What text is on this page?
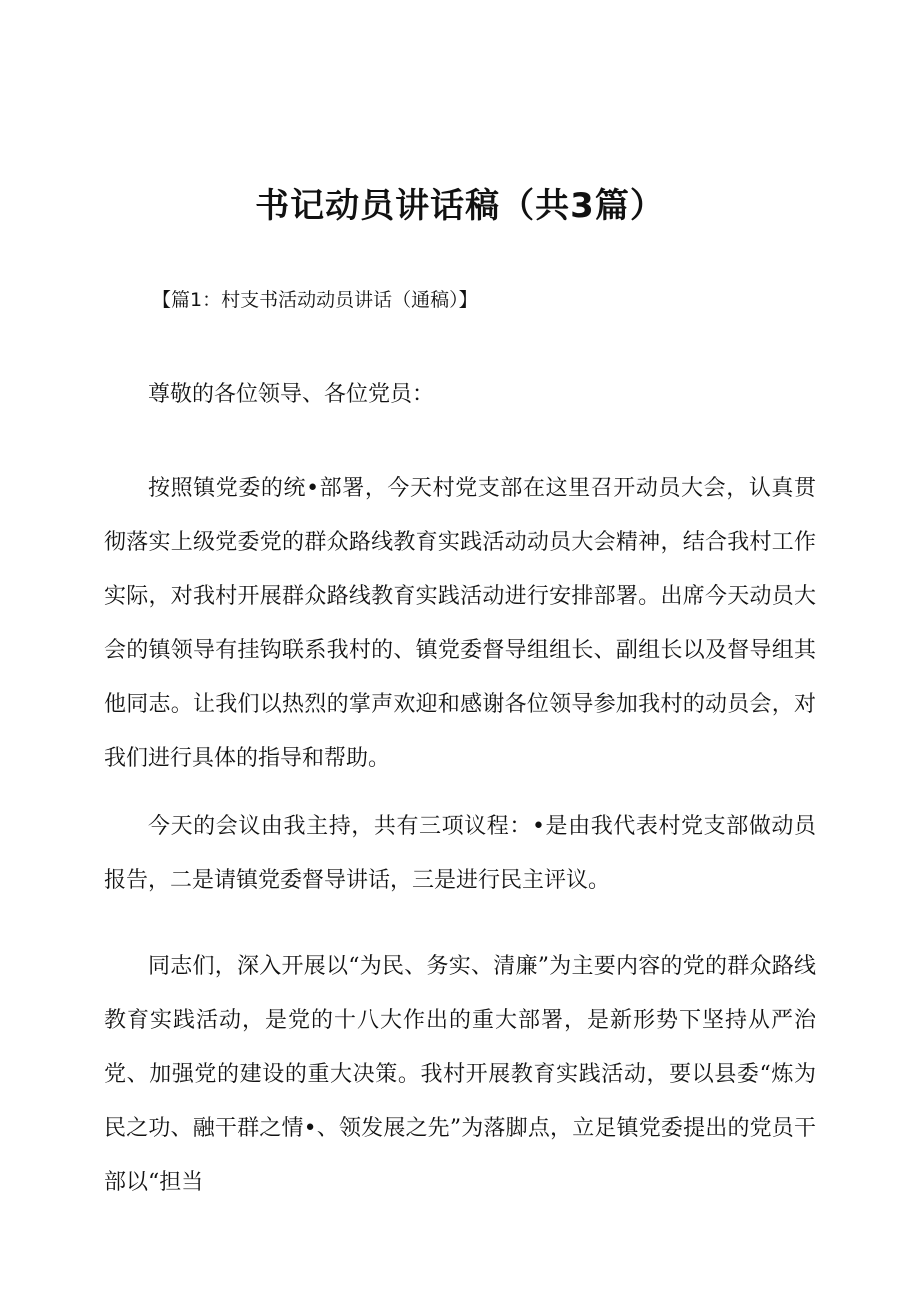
书记动员讲话稿（共3篇）

【篇1：村支书活动动员讲话（通稿）】

尊敬的各位领导、各位党员：

按照镇党委的统•部署，今天村党支部在这里召开动员大会，认真贯彻落实上级党委党的群众路线教育实践活动动员大会精神，结合我村工作实际，对我村开展群众路线教育实践活动进行安排部署。出席今天动员大会的镇领导有挂钩联系我村的、镇党委督导组组长、副组长以及督导组其他同志。让我们以热烈的掌声欢迎和感谢各位领导参加我村的动员会，对我们进行具体的指导和帮助。

今天的会议由我主持，共有三项议程：•是由我代表村党支部做动员报告，二是请镇党委督导讲话，三是进行民主评议。

同志们，深入开展以“为民、务实、清廉”为主要内容的党的群众路线教育实践活动，是党的十八大作出的重大部署，是新形势下坚持从严治党、加强党的建设的重大决策。我村开展教育实践活动，要以县委“炼为民之功、融干群之情•、领发展之先”为落脚点，立足镇党委提出的党员干部以“担当
